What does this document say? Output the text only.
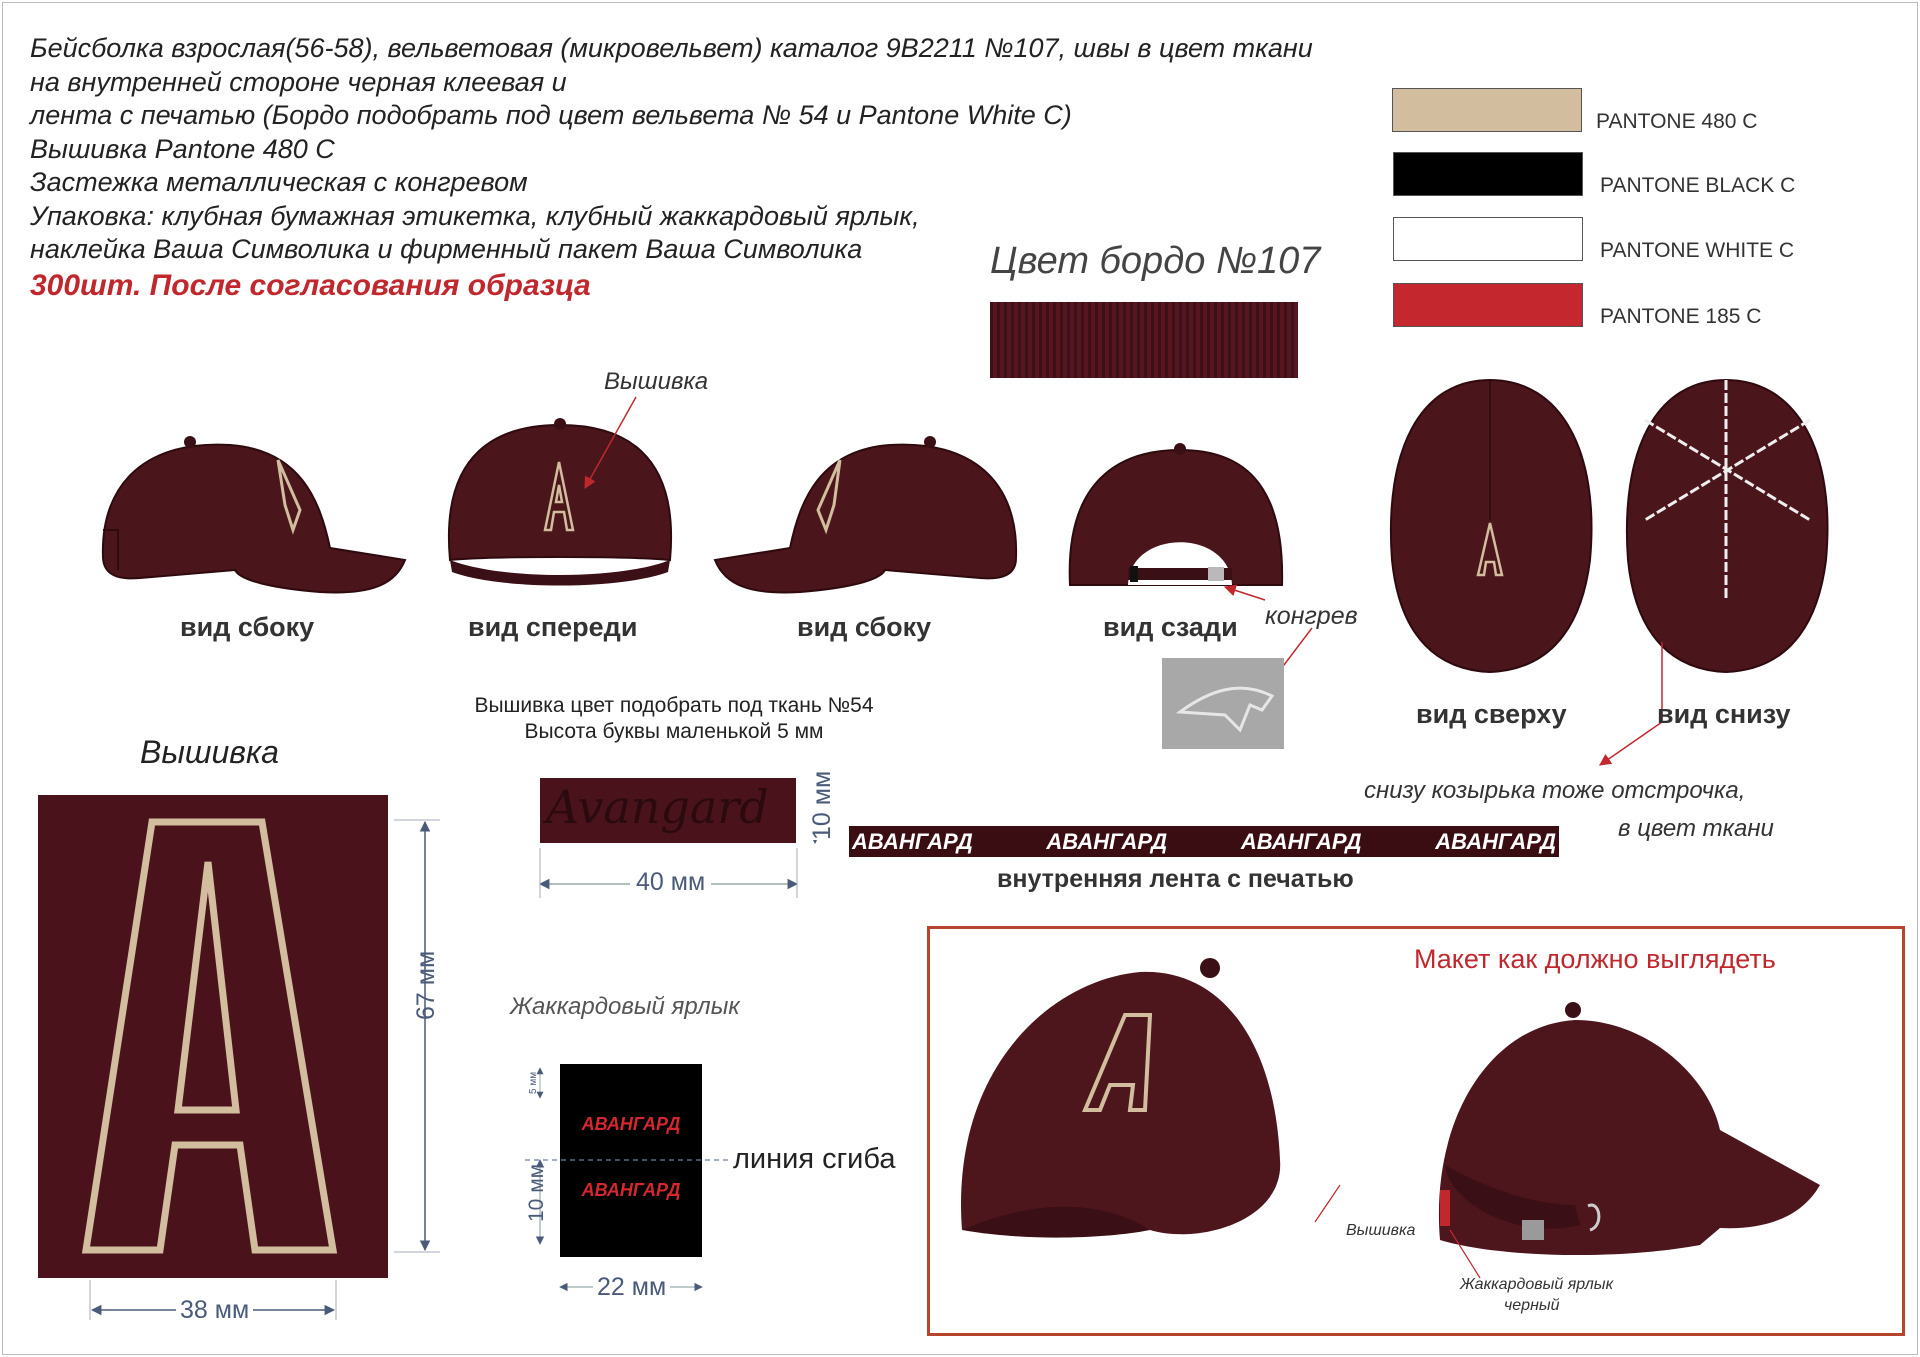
Бейсболка взрослая(56-58), вельветовая (микровельвет) каталог 9B2211 №107, швы в цвет ткани
на внутренней стороне черная клеевая и
лента с печатью (Бордо подобрать под цвет вельвета № 54 и Pantone White C)
Вышивка Pantone 480 C
Застежка металлическая с конгревом
Упаковка: клубная бумажная этикетка, клубный жаккардовый ярлык,
наклейка Ваша Символика и фирменный пакет Ваша Символика
300шт. После согласования образца
PANTONE 480 C
PANTONE BLACK C
PANTONE WHITE C
PANTONE 185 C
Цвет бордо №107
вид сбоку	вид спереди	вид сбоку	вид сзади
вид сверху	вид снизу
Вышивка
конгрев
снизу козырька тоже отстрочка,
в цвет ткани
Вышивка
67 мм
38 мм
Вышивка цвет подобрать под ткань №54
Высота буквы маленькой 5 мм
Avangard
40 мм
10 мм
АВАНГАРД	АВАНГАРД	АВАНГАРД	АВАНГАРД
внутренняя лента с печатью
Жаккардовый ярлык
АВАНГАРД
АВАНГАРД
линия сгиба
5 мм
10 мм
22 мм
Макет как должно выглядеть
Вышивка
Жаккардовый ярлык
черный
